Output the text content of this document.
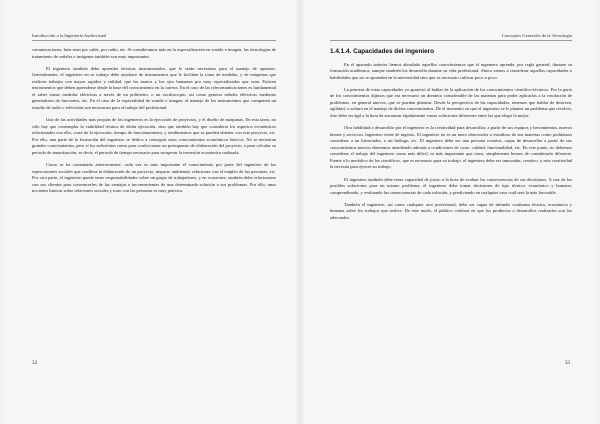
Introducción a la Ingeniería Audiovisual

comunicaciones, bien sean por cable, por radio, etc. Si consideramos más en la especialización en sonido e imagen, las tecnologías de tratamiento de señales e imágenes también son muy importantes.

El ingeniero también debe aprender técnicas instrumentales, que le serán necesarias para el manejo de aparatos. Generalmente, el ingeniero en su trabajo debe ayudarse de instrumentos que le faciliten la toma de medidas, y de máquinas que realicen trabajos con mayor rapidez y calidad, que las manos y los ojos humanos por muy especializados que sean. Existen instrumentos que deben aprenderse desde la base del conocimiento en la carrera. En el caso de las telecomunicaciones es fundamental el saber tomar medidas eléctricas a través de un polímetro, o un osciloscopio, así como generar señales eléctricas mediante generadores de funciones, etc. En el caso de la especialidad de sonido e imagen, el manejo de los instrumentos que componen un estudio de radio o televisión son necesarios para el trabajo del profesional.

Una de las actividades más propias de los ingenieros es la ejecución de proyectos, y el diseño de máquinas. En esta tarea, no sólo hay que contemplar la viabilidad técnica de dicha ejecución, sino que también hay que considerar los aspectos económicos relacionados con ello, coste de la ejecución, tiempo de funcionamiento, y rendimientos que se pueden obtener con este proyecto, etc. Por ello, una parte de la formación del ingeniero se dedica a conseguir unos conocimientos económicos básicos. No se necesitan grandes conocimientos, pero sí los suficientes como para confeccionar un presupuesto de elaboración del proyecto, o para calcular su periodo de amortización, es decir, el periodo de tiempo necesario para recuperar la inversión económica realizada.

Como se ha comentado anteriormente, cada vez es más importante el conocimiento por parte del ingeniero de las repercusiones sociales que conlleva la elaboración de un proyecto, impacto ambiental, relaciones con el empleo de las personas, etc. Por otra parte, el ingeniero puede tener responsabilidades sobre un grupo de trabajadores, y en ocasiones, también debe relacionarse con sus clientes para convencerles de las ventajas e inconvenientes de una determinada solución a sus problemas. Por ello, unas nociones básicas sobre relaciones sociales y trato con las personas es muy práctica.

32
Conceptos Generales de la Tecnología
1.4.1.4. Capacidades del ingeniero

En el apartado anterior hemos abordado aquellos conocimientos que el ingeniero aprende, por regla general, durante su formación académica, aunque también los desarrolla durante su vida profesional. Ahora vamos a considerar aquellas capacidades o habilidades que no se aprenden en la universidad sino que es necesario cultivar poco a poco.

La primera de estas capacidades ya apareció al hablar de la aplicación de los conocimientos científico-técnicos. Por la parte de los conocimientos dijimos que era necesario un dominio considerable de las materias para poder aplicarlas a la resolución de problemas, en general nuevos, que se puedan plantear. Desde la perspectiva de las capacidades, tenemos que hablar de destreza, agilidad, o soltura en el manejo de dichos conocimientos. De el momento en que el ingeniero se le plantea un problema que resolver, éste debe ser ágil a la hora de encontrar rápidamente varias soluciones diferentes entre las que elegir la mejor.

Otra habilidad a desarrollar por el ingeniero es la creatividad para desarrollar, a partir de sus equipos y herramientas, nuevos bienes y servicios. Ingeniero viene de ingenio. El ingeniero no es un mero observador o estudioso de sus materias como podríamos considerar a un historiador, o un biólogo, etc. El ingeniero debe ser una persona creativa, capaz de desarrollar a partir de sus conocimientos nuevos elementos atendiendo además a condiciones de coste, calidad, funcionalidad, etc. En este punto, no debemos considerar el trabajo del ingeniero como más difícil, ni más importante que otros, simplemente hemos de considerarlo diferente. Frente a lo metódico de los científicos, que es necesario para su trabajo, el ingeniero debe ser innovador, creativo, y esta creatividad la necesita para ejercer su trabajo.

El ingeniero también debe tener capacidad de juicio a la hora de evaluar las consecuencias de sus decisiones. A raíz de las posibles soluciones para un mismo problema, el ingeniero debe tomar decisiones de tipo técnico, económico y humano, comprendiendo, y evaluando las consecuencias de cada solución, y prediciendo en cualquier caso cuál será la más favorable.

También el ingeniero, así como cualquier otro profesional, debe ser capaz de infundir confianza técnica, económica y humana sobre los trabajos que realice. De este modo, el público confiará en que los productos o desarrollos realizados son los adecuados.

33
